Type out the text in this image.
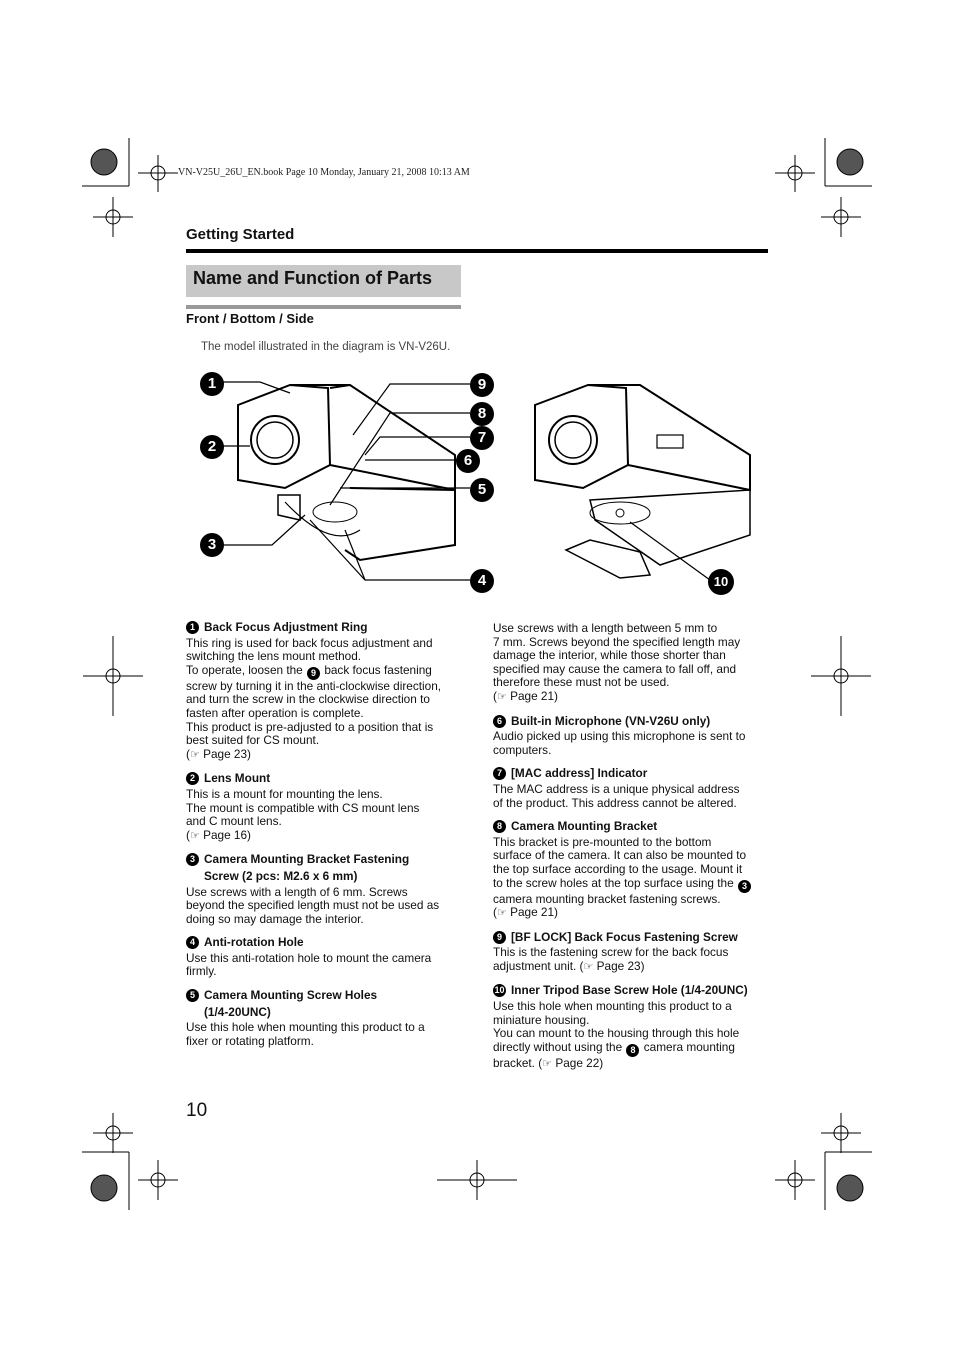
VN-V25U_26U_EN.book Page 10 Monday, January 21, 2008 10:13 AM
Getting Started
Name and Function of Parts
Front / Bottom / Side
The model illustrated in the diagram is VN-V26U.
1
2
3
4
5
6
7
8
9
10
1 Back Focus Adjustment Ring

This ring is used for back focus adjustment and

switching the lens mount method.

To operate, loosen the 9 back focus fastening

screw by turning it in the anti-clockwise direction,

and turn the screw in the clockwise direction to

fasten after operation is complete.

This product is pre-adjusted to a position that is

best suited for CS mount.

(☞ Page 23)

2 Lens Mount

This is a mount for mounting the lens.

The mount is compatible with CS mount lens

and C mount lens.

(☞ Page 16)

3 Camera Mounting Bracket Fastening
Screw (2 pcs: M2.6 x 6 mm)

Use screws with a length of 6 mm. Screws

beyond the specified length must not be used as

doing so may damage the interior.

4 Anti-rotation Hole

Use this anti-rotation hole to mount the camera

firmly.

5 Camera Mounting Screw Holes
(1/4-20UNC)

Use this hole when mounting this product to a

fixer or rotating platform.

Use screws with a length between 5 mm to

7 mm. Screws beyond the specified length may

damage the interior, while those shorter than

specified may cause the camera to fall off, and

therefore these must not be used.

(☞ Page 21)

6 Built-in Microphone (VN-V26U only)

Audio picked up using this microphone is sent to

computers.

7 [MAC address] Indicator

The MAC address is a unique physical address

of the product. This address cannot be altered.

8 Camera Mounting Bracket

This bracket is pre-mounted to the bottom

surface of the camera. It can also be mounted to

the top surface according to the usage. Mount it

to the screw holes at the top surface using the 3

camera mounting bracket fastening screws.

(☞ Page 21)

9 [BF LOCK] Back Focus Fastening Screw

This is the fastening screw for the back focus

adjustment unit. (☞ Page 23)

10 Inner Tripod Base Screw Hole (1/4-20UNC)

Use this hole when mounting this product to a

miniature housing.

You can mount to the housing through this hole

directly without using the 8 camera mounting

bracket. (☞ Page 22)

10
